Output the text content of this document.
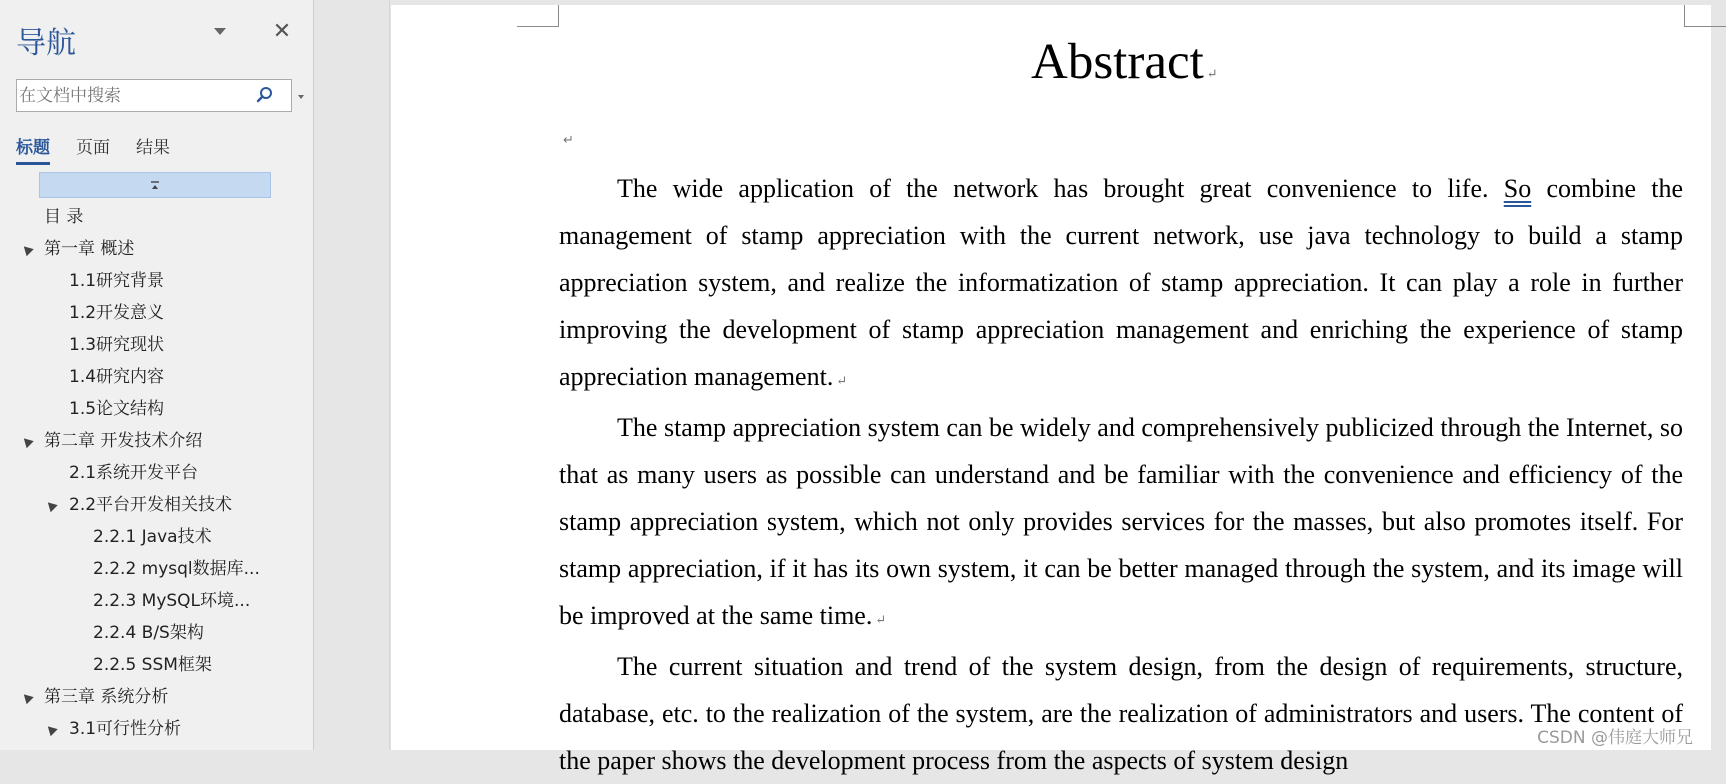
导航	✕
在文档中搜索
标题 页面 结果
目 录
第一章 概述
1.1研究背景
1.2开发意义
1.3研究现状
1.4研究内容
1.5论文结构
第二章 开发技术介绍
2.1系统开发平台
2.2平台开发相关技术
2.2.1 Java技术
2.2.2 mysql数据库...
2.2.3 MySQL环境...
2.2.4 B/S架构
2.2.5 SSM框架
第三章 系统分析
3.1可行性分析
Abstract ↵
↵

The wide application of the network has brought great convenience to life. So combine the management of stamp appreciation with the current network, use java technology to build a stamp appreciation system, and realize the informatization of stamp appreciation. It can play a role in further improving the development of stamp appreciation management and enriching the experience of stamp appreciation management. ↵

The stamp appreciation system can be widely and comprehensively publicized through the Internet, so that as many users as possible can understand and be familiar with the convenience and efficiency of the stamp appreciation system, which not only provides services for the masses, but also promotes itself. For stamp appreciation, if it has its own system, it can be better managed through the system, and its image will be improved at the same time. ↵

The current situation and trend of the system design, from the design of requirements, structure, database, etc. to the realization of the system, are the realization of administrators and users. The content of the paper shows the development process from the aspects of system design

CSDN @伟庭大师兄
